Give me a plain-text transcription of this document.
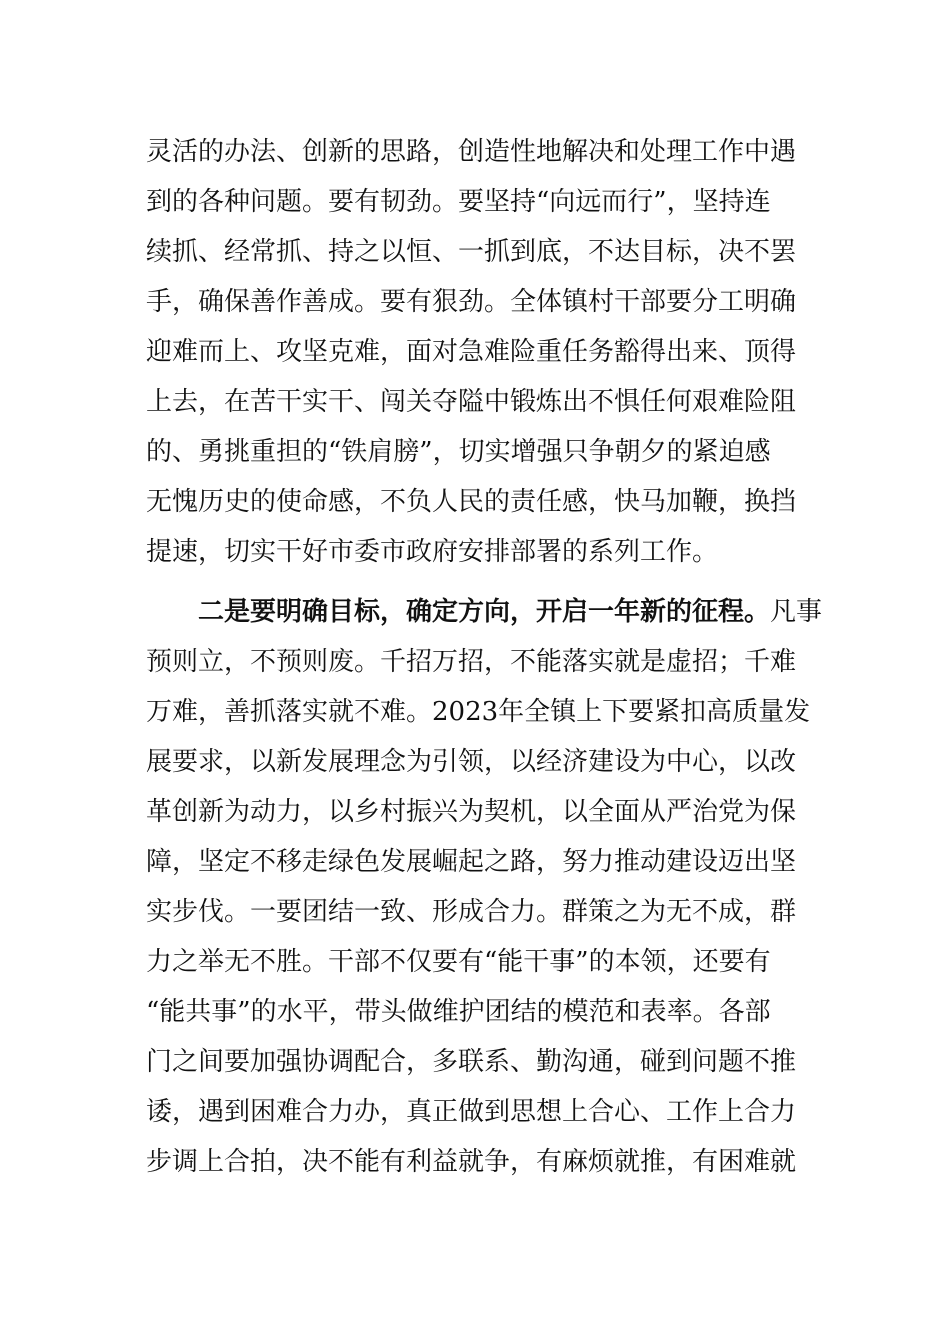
灵活的办法、创新的思路，创造性地解决和处理工作中遇
到的各种问题。要有韧劲。要坚持“向远而行”，坚持连
续抓、经常抓、持之以恒、一抓到底，不达目标，决不罢
手，确保善作善成。要有狠劲。全体镇村干部要分工明确
迎难而上、攻坚克难，面对急难险重任务豁得出来、顶得
上去，在苦干实干、闯关夺隘中锻炼出不惧任何艰难险阻
的、勇挑重担的“铁肩膀”，切实增强只争朝夕的紧迫感
无愧历史的使命感，不负人民的责任感，快马加鞭，换挡
提速，切实干好市委市政府安排部署的系列工作。
二是要明确目标，确定方向，开启一年新的征程。凡事
预则立，不预则废。千招万招，不能落实就是虚招；千难
万难，善抓落实就不难。2023年全镇上下要紧扣高质量发
展要求，以新发展理念为引领，以经济建设为中心，以改
革创新为动力，以乡村振兴为契机，以全面从严治党为保
障，坚定不移走绿色发展崛起之路，努力推动建设迈出坚
实步伐。一要团结一致、形成合力。群策之为无不成，群
力之举无不胜。干部不仅要有“能干事”的本领，还要有
“能共事”的水平，带头做维护团结的模范和表率。各部
门之间要加强协调配合，多联系、勤沟通，碰到问题不推
诿，遇到困难合力办，真正做到思想上合心、工作上合力
步调上合拍，决不能有利益就争，有麻烦就推，有困难就
